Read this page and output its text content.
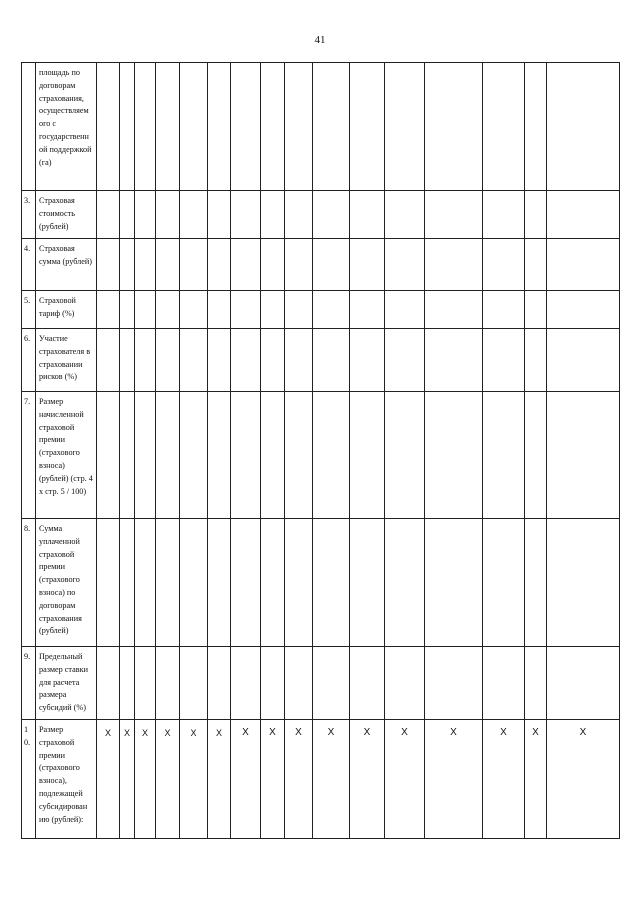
41
	площадь по договорам страхования, осуществляем ого с государственн ой поддержкой (га)																	
3.	Страховая стоимость (рублей)																	
4.	Страховая сумма (рублей)																	
5.	Страховой тариф (%)																	
6.	Участие страхователя в страховании рисков (%)																	
7.	Размер начисленной страховой премии (страхового взноса) (рублей) (стр. 4 х стр. 5 / 100)																	
8.	Сумма уплаченной страховой премии (страхового взноса) по договорам страхования (рублей)																	
9.	Предельный размер ставки для расчета размера субсидий (%)																	
10.	Размер страховой премии (страхового взноса), подлежащей субсидирован ию (рублей):	X	X	X	X	X	X	X	X	X	X	X	X	X	X	X	X
